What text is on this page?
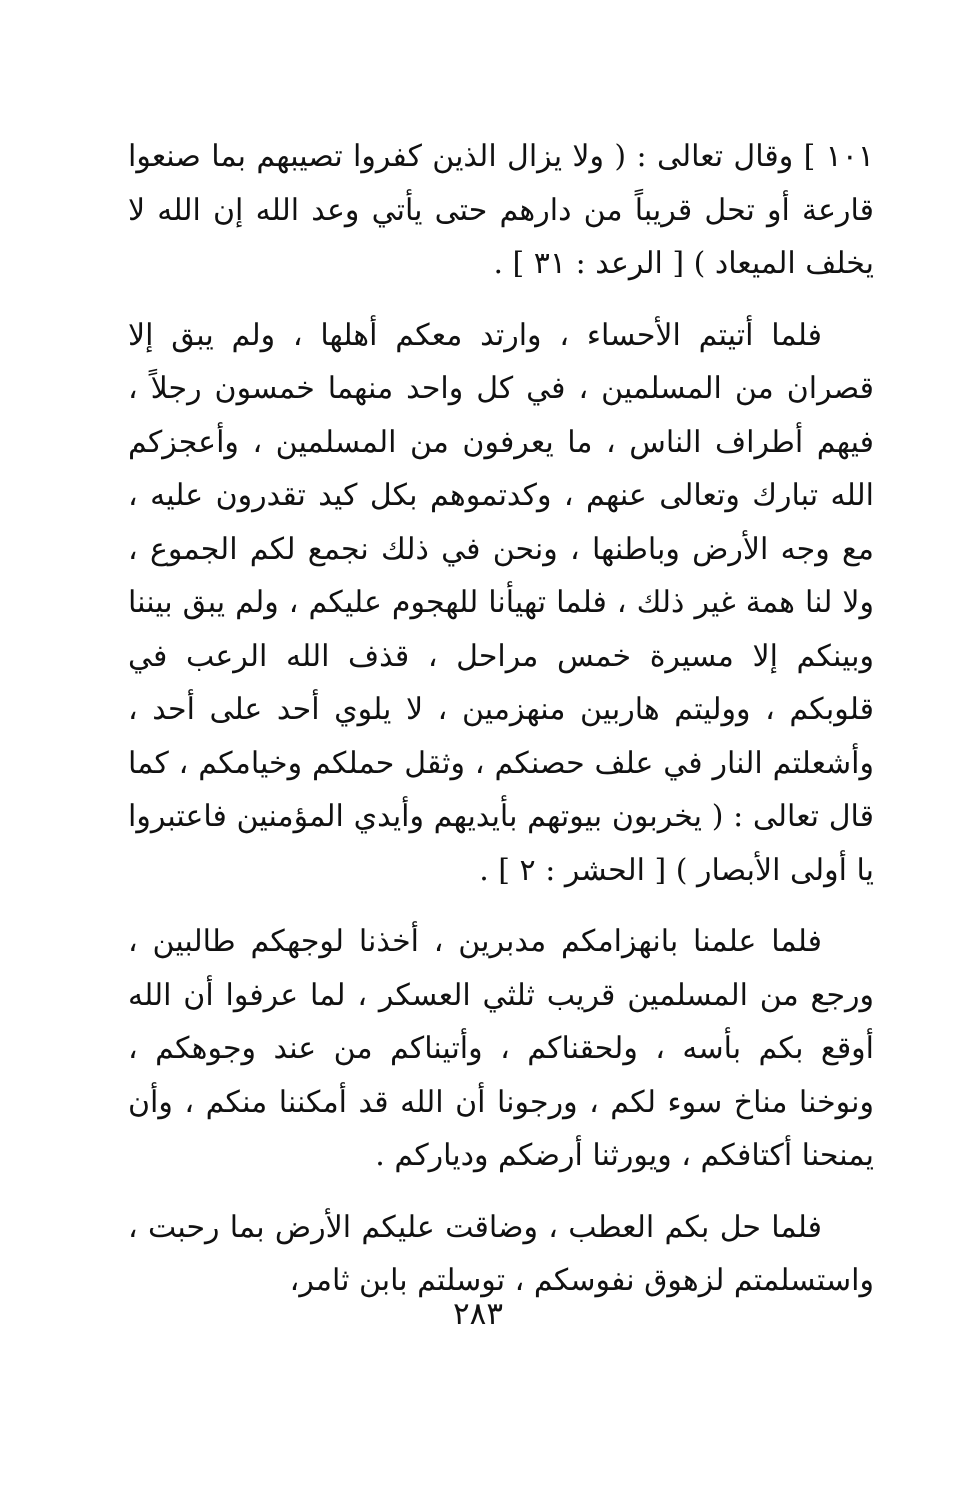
١٠١ ] وقال تعالى : ( ولا يزال الذين كفروا تصيبهم بما صنعوا قارعة أو تحل قريباً من دارهم حتى يأتي وعد الله إن الله لا يخلف الميعاد ) [ الرعد : ٣١ ] .

فلما أتيتم الأحساء ، وارتد معكم أهلها ، ولم يبق إلا قصران من المسلمين ، في كل واحد منهما خمسون رجلاً ، فيهم أطراف الناس ، ما يعرفون من المسلمين ، وأعجزكم الله تبارك وتعالى عنهم ، وكدتموهم بكل كيد تقدرون عليه ، مع وجه الأرض وباطنها ، ونحن في ذلك نجمع لكم الجموع ، ولا لنا همة غير ذلك ، فلما تهيأنا للهجوم عليكم ، ولم يبق بيننا وبينكم إلا مسيرة خمس مراحل ، قذف الله الرعب في قلوبكم ، ووليتم هاربين منهزمين ، لا يلوي أحد على أحد ، وأشعلتم النار في علف حصنكم ، وثقل حملكم وخيامكم ، كما قال تعالى : ( يخربون بيوتهم بأيديهم وأيدي المؤمنين فاعتبروا يا أولى الأبصار ) [ الحشر : ٢ ] .

فلما علمنا بانهزامكم مدبرين ، أخذنا لوجهكم طالبين ، ورجع من المسلمين قريب ثلثي العسكر ، لما عرفوا أن الله أوقع بكم بأسه ، ولحقناكم ، وأتيناكم من عند وجوهكم ، ونوخنا مناخ سوء لكم ، ورجونا أن الله قد أمكننا منكم ، وأن يمنحنا أكتافكم ، ويورثنا أرضكم ودياركم .

فلما حل بكم العطب ، وضاقت عليكم الأرض بما رحبت ، واستسلمتم لزهوق نفوسكم ، توسلتم بابن ثامر،

٢٨٣
